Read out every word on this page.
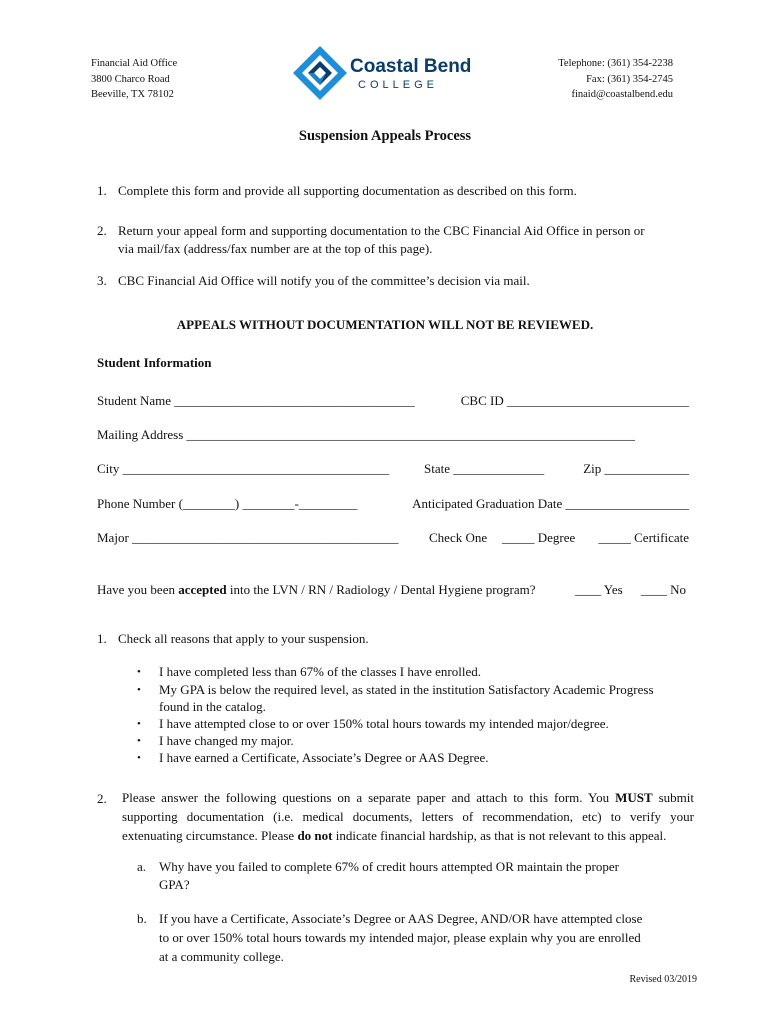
Financial Aid Office
3800 Charco Road
Beeville, TX 78102
Coastal Bend
COLLEGE
Telephone: (361) 354-2238
Fax: (361) 354-2745
finaid@coastalbend.edu
Suspension Appeals Process
1. Complete this form and provide all supporting documentation as described on this form.
2. Return your appeal form and supporting documentation to the CBC Financial Aid Office in person or
via mail/fax (address/fax number are at the top of this page).
3. CBC Financial Aid Office will notify you of the committee’s decision via mail.
APPEALS WITHOUT DOCUMENTATION WILL NOT BE REVIEWED.
Student Information
Student Name _____________________________________	CBC ID ____________________________
Mailing Address _____________________________________________________________________
City _________________________________________	State ______________	Zip _____________
Phone Number (________) ________-_________	Anticipated Graduation Date ___________________
Major _________________________________________ Check One _____ Degree _____ Certificate
Have you been accepted into the LVN / RN / Radiology / Dental Hygiene program?	____ Yes ____ No
1. Check all reasons that apply to your suspension.
• I have completed less than 67% of the classes I have enrolled.
• My GPA is below the required level, as stated in the institution Satisfactory Academic Progress
found in the catalog.
• I have attempted close to or over 150% total hours towards my intended major/degree.
• I have changed my major.
• I have earned a Certificate, Associate’s Degree or AAS Degree.
2. Please answer the following questions on a separate paper and attach to this form. You MUST submit
supporting documentation (i.e. medical documents, letters of recommendation, etc) to verify your
extenuating circumstance. Please do not indicate financial hardship, as that is not relevant to this appeal.
a. Why have you failed to complete 67% of credit hours attempted OR maintain the proper
GPA?
b. If you have a Certificate, Associate’s Degree or AAS Degree, AND/OR have attempted close
to or over 150% total hours towards my intended major, please explain why you are enrolled
at a community college.
Revised 03/2019
